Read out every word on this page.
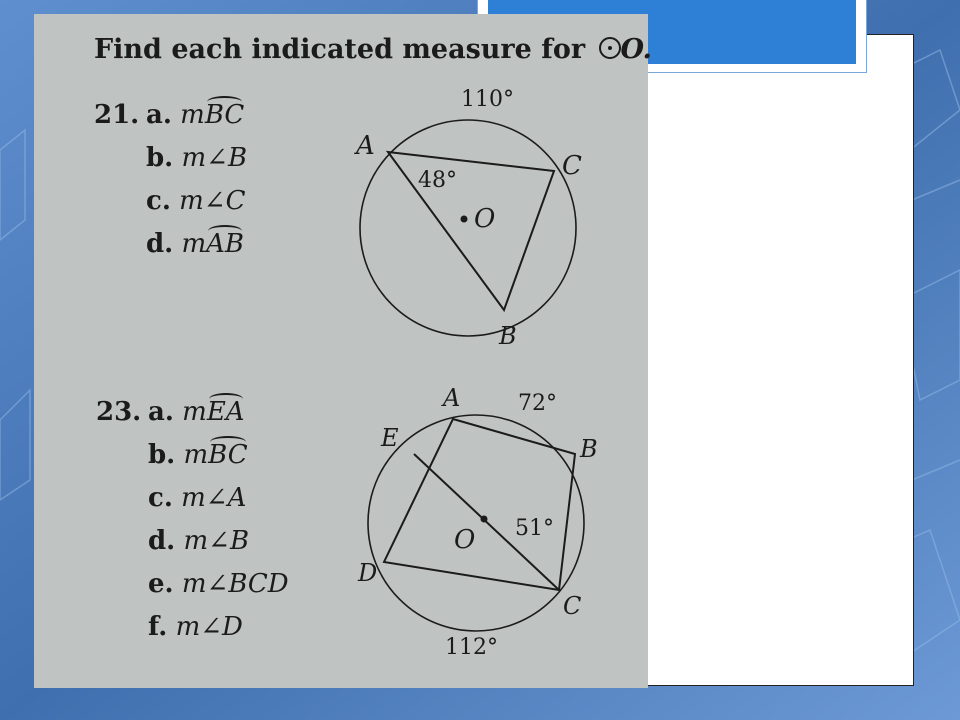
Find each indicated measure for O.
21. a. mBC
b. m∠B
c. m∠C
d. mAB
23. a. mEA
b. mBC
c. m∠A
d. m∠B
e. m∠BCD
f. m∠D
A
C
B
O
110°
48°
A
B
C
D
E
O
72°
112°
51°
